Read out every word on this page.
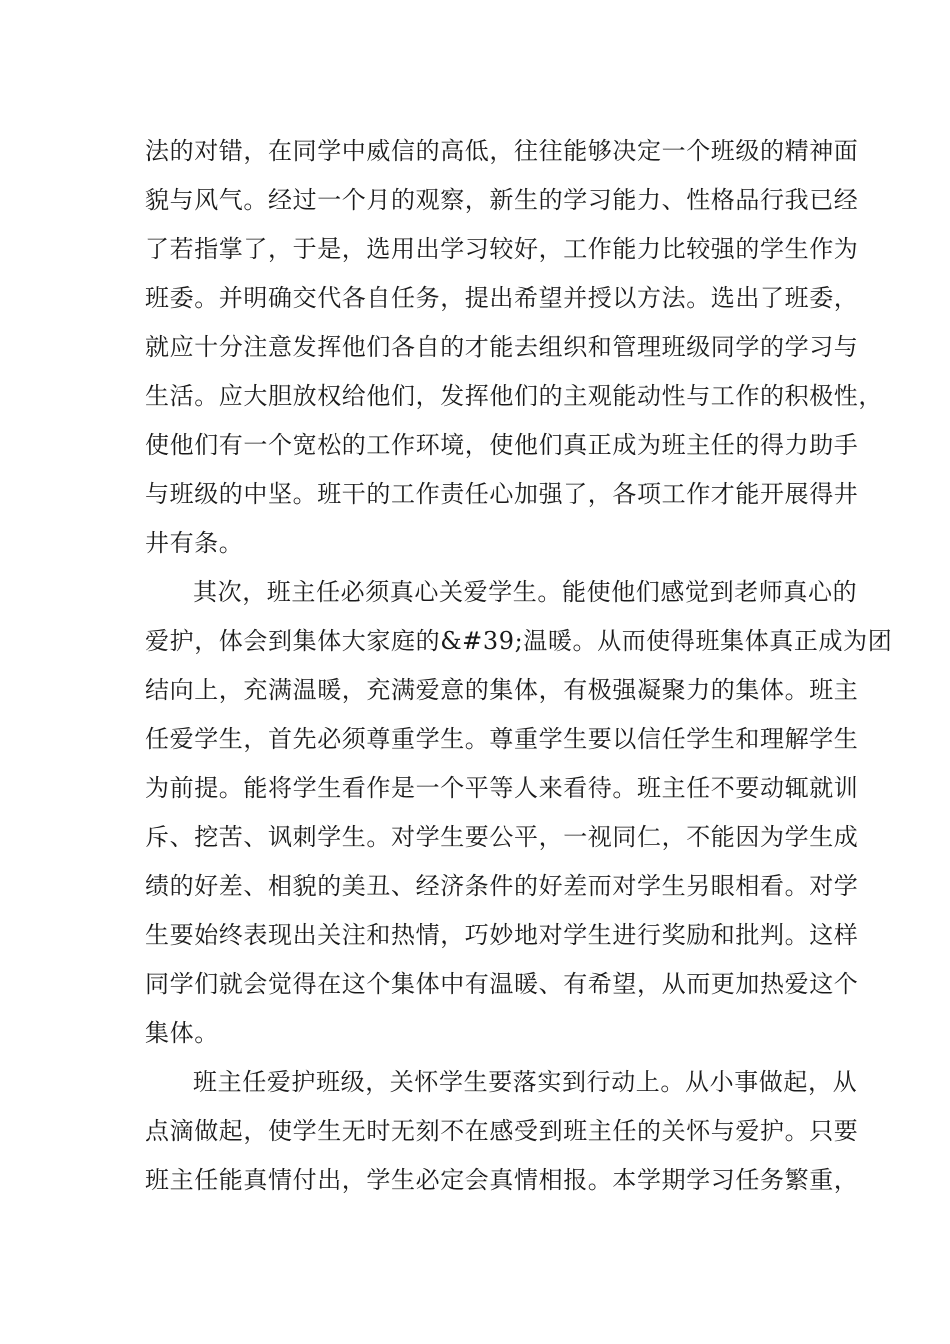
法的对错，在同学中威信的高低，往往能够决定一个班级的精神面
貌与风气。经过一个月的观察，新生的学习能力、性格品行我已经
了若指掌了，于是，选用出学习较好，工作能力比较强的学生作为
班委。并明确交代各自任务，提出希望并授以方法。选出了班委，
就应十分注意发挥他们各自的才能去组织和管理班级同学的学习与
生活。应大胆放权给他们，发挥他们的主观能动性与工作的积极性，
使他们有一个宽松的工作环境，使他们真正成为班主任的得力助手
与班级的中坚。班干的工作责任心加强了，各项工作才能开展得井
井有条。
其次，班主任必须真心关爱学生。能使他们感觉到老师真心的
爱护，体会到集体大家庭的&#39;温暖。从而使得班集体真正成为团
结向上，充满温暖，充满爱意的集体，有极强凝聚力的集体。班主
任爱学生，首先必须尊重学生。尊重学生要以信任学生和理解学生
为前提。能将学生看作是一个平等人来看待。班主任不要动辄就训
斥、挖苦、讽刺学生。对学生要公平，一视同仁，不能因为学生成
绩的好差、相貌的美丑、经济条件的好差而对学生另眼相看。对学
生要始终表现出关注和热情，巧妙地对学生进行奖励和批判。这样
同学们就会觉得在这个集体中有温暖、有希望，从而更加热爱这个
集体。
班主任爱护班级，关怀学生要落实到行动上。从小事做起，从
点滴做起，使学生无时无刻不在感受到班主任的关怀与爱护。只要
班主任能真情付出，学生必定会真情相报。本学期学习任务繁重，
